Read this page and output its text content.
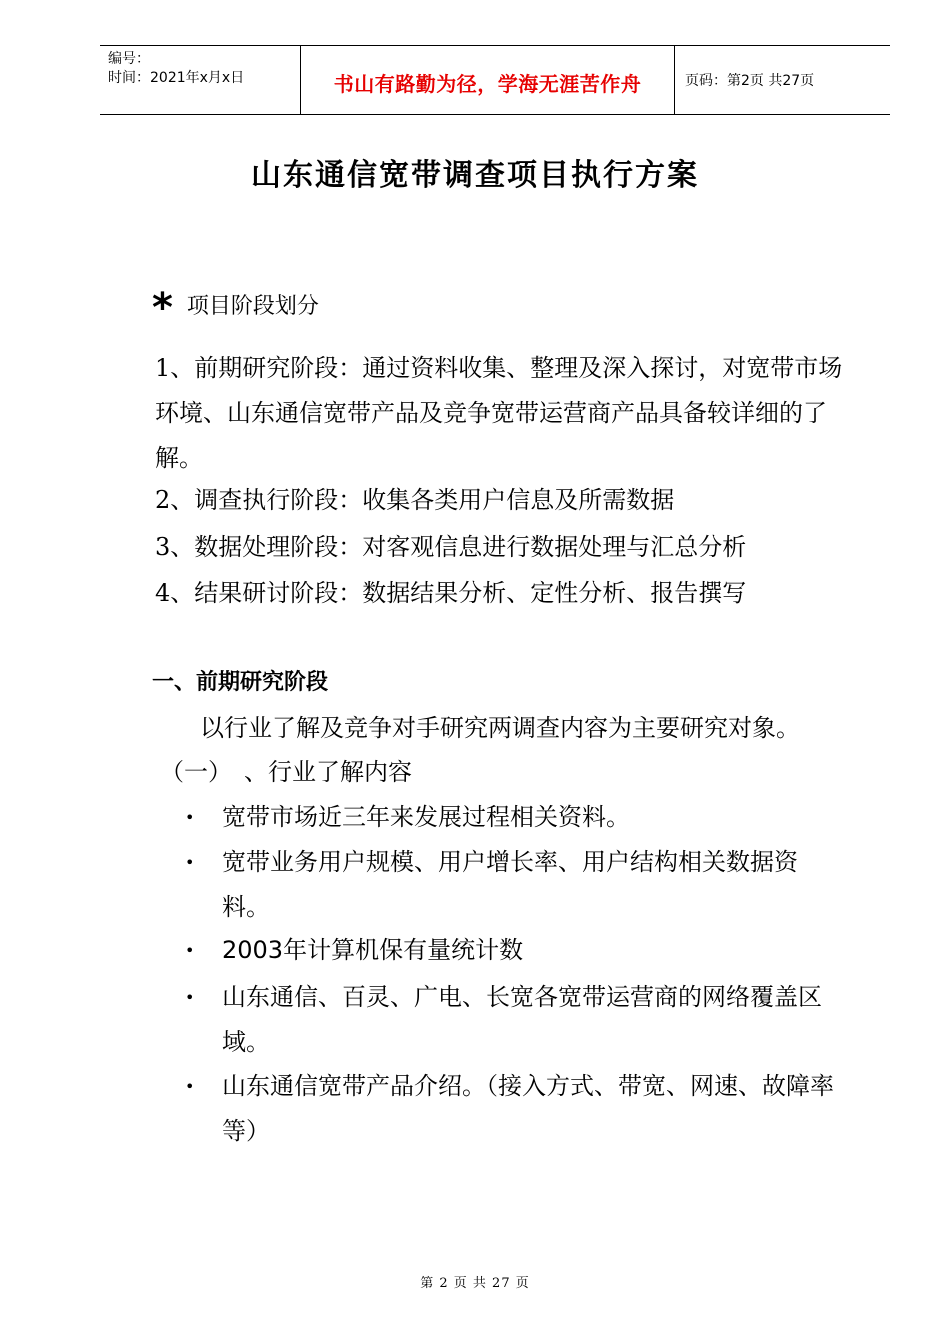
编号：
时间：2021年x月x日	书山有路勤为径，学海无涯苦作舟	页码：第2页 共27页
山东通信宽带调查项目执行方案
* 项目阶段划分
1、前期研究阶段：通过资料收集、整理及深入探讨，对宽带市场环境、山东通信宽带产品及竞争宽带运营商产品具备较详细的了解。
2、调查执行阶段：收集各类用户信息及所需数据
3、数据处理阶段：对客观信息进行数据处理与汇总分析
4、结果研讨阶段：数据结果分析、定性分析、报告撰写
一、前期研究阶段
以行业了解及竞争对手研究两调查内容为主要研究对象。
（一）　、行业了解内容
•	宽带市场近三年来发展过程相关资料。
•	宽带业务用户规模、用户增长率、用户结构相关数据资料。
•	2003年计算机保有量统计数
•	山东通信、百灵、广电、长宽各宽带运营商的网络覆盖区域。
•	山东通信宽带产品介绍。（接入方式、带宽、网速、故障率等）
第 2 页 共 27 页
